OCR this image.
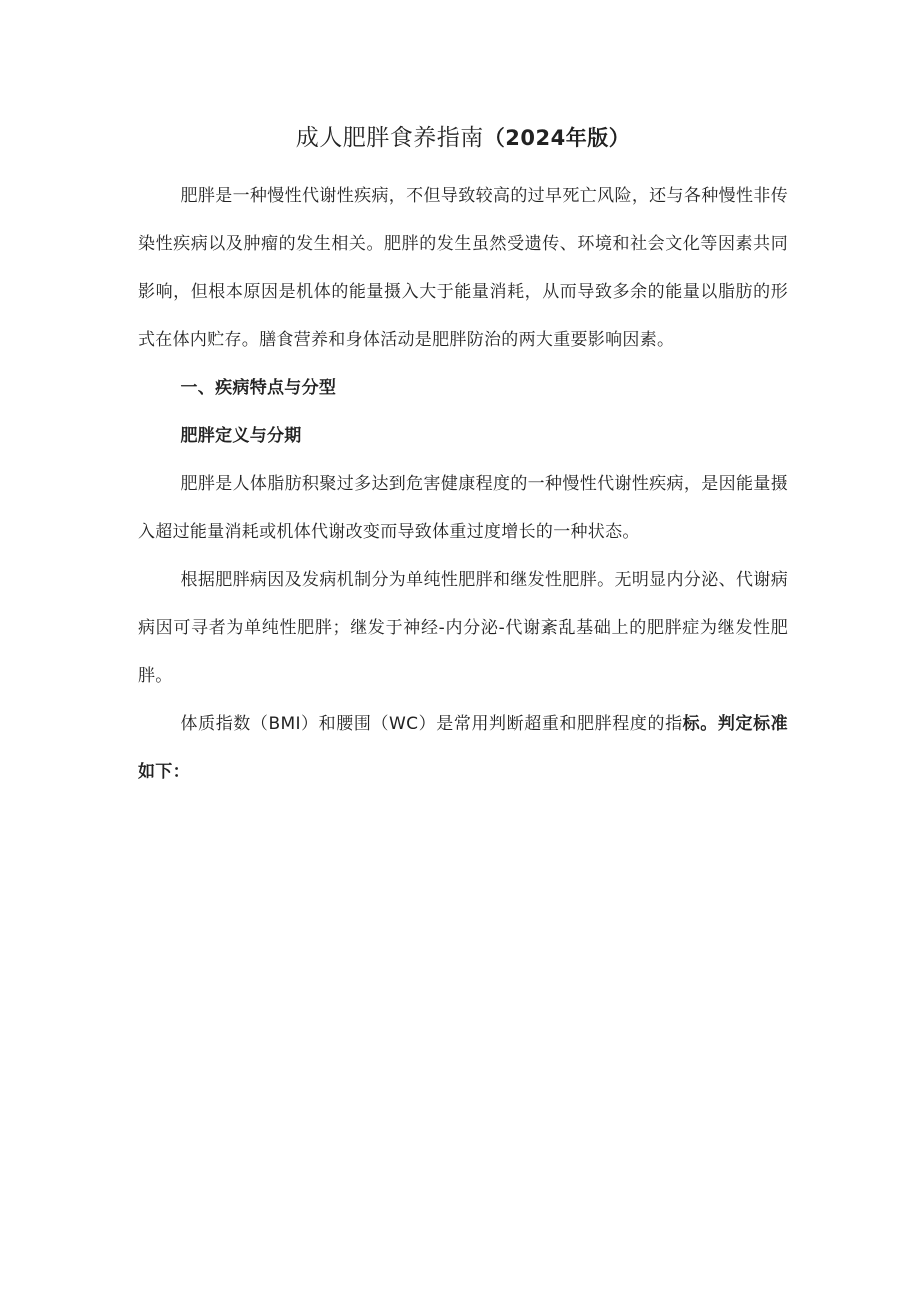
成人肥胖食养指南（2024年版）

肥胖是一种慢性代谢性疾病，不但导致较高的过早死亡风险，还与各种慢性非传染性疾病以及肿瘤的发生相关。肥胖的发生虽然受遗传、环境和社会文化等因素共同影响，但根本原因是机体的能量摄入大于能量消耗，从而导致多余的能量以脂肪的形式在体内贮存。膳食营养和身体活动是肥胖防治的两大重要影响因素。

一、疾病特点与分型

肥胖定义与分期

肥胖是人体脂肪积聚过多达到危害健康程度的一种慢性代谢性疾病，是因能量摄入超过能量消耗或机体代谢改变而导致体重过度增长的一种状态。

根据肥胖病因及发病机制分为单纯性肥胖和继发性肥胖。无明显内分泌、代谢病病因可寻者为单纯性肥胖；继发于神经-内分泌-代谢紊乱基础上的肥胖症为继发性肥胖。

体质指数（BMI）和腰围（WC）是常用判断超重和肥胖程度的指标。判定标准如下：
